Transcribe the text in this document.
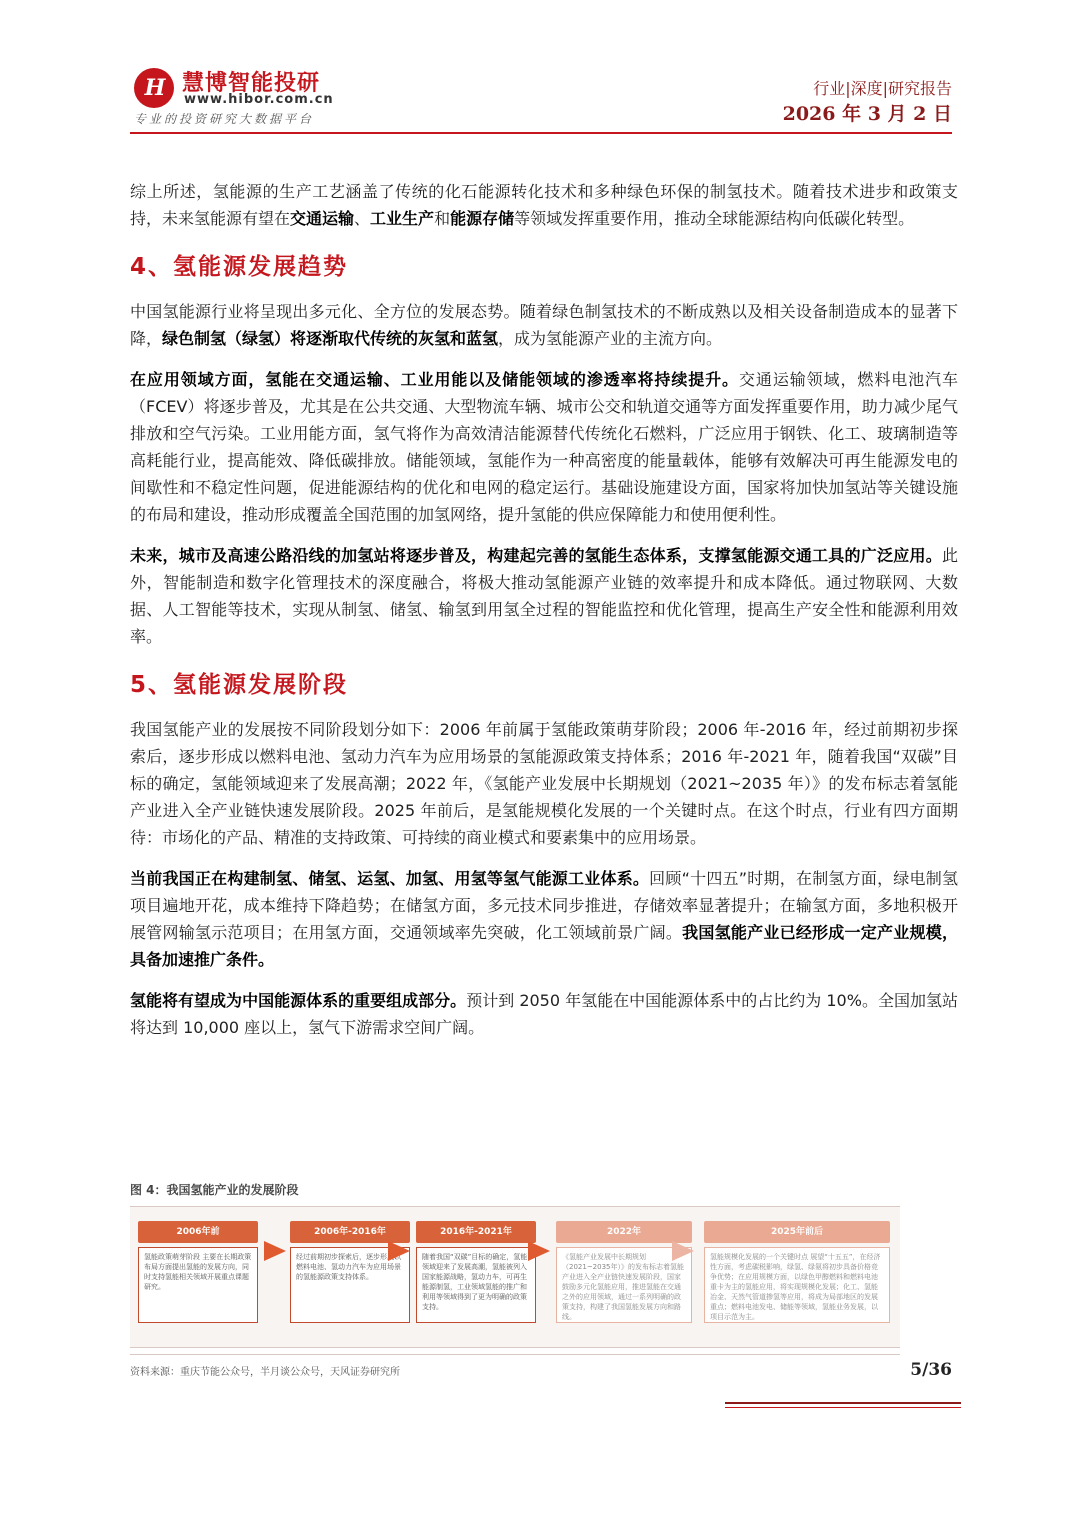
H 慧博智能投研
www.hibor.com.cn
专业的投资研究大数据平台
行业|深度|研究报告
2026 年 3 月 2 日

综上所述，氢能源的生产工艺涵盖了传统的化石能源转化技术和多种绿色环保的制氢技术。随着技术进步和政策支持，未来氢能源有望在交通运输、工业生产和能源存储等领域发挥重要作用，推动全球能源结构向低碳化转型。

4、氢能源发展趋势

中国氢能源行业将呈现出多元化、全方位的发展态势。随着绿色制氢技术的不断成熟以及相关设备制造成本的显著下降，绿色制氢（绿氢）将逐渐取代传统的灰氢和蓝氢，成为氢能源产业的主流方向。

在应用领域方面，氢能在交通运输、工业用能以及储能领域的渗透率将持续提升。交通运输领域，燃料电池汽车（FCEV）将逐步普及，尤其是在公共交通、大型物流车辆、城市公交和轨道交通等方面发挥重要作用，助力减少尾气排放和空气污染。工业用能方面，氢气将作为高效清洁能源替代传统化石燃料，广泛应用于钢铁、化工、玻璃制造等高耗能行业，提高能效、降低碳排放。储能领域，氢能作为一种高密度的能量载体，能够有效解决可再生能源发电的间歇性和不稳定性问题，促进能源结构的优化和电网的稳定运行。基础设施建设方面，国家将加快加氢站等关键设施的布局和建设，推动形成覆盖全国范围的加氢网络，提升氢能的供应保障能力和使用便利性。

未来，城市及高速公路沿线的加氢站将逐步普及，构建起完善的氢能生态体系，支撑氢能源交通工具的广泛应用。此外，智能制造和数字化管理技术的深度融合，将极大推动氢能源产业链的效率提升和成本降低。通过物联网、大数据、人工智能等技术，实现从制氢、储氢、输氢到用氢全过程的智能监控和优化管理，提高生产安全性和能源利用效率。

5、氢能源发展阶段

我国氢能产业的发展按不同阶段划分如下：2006 年前属于氢能政策萌芽阶段；2006 年-2016 年，经过前期初步探索后，逐步形成以燃料电池、氢动力汽车为应用场景的氢能源政策支持体系；2016 年-2021 年，随着我国“双碳”目标的确定，氢能领域迎来了发展高潮；2022 年，《氢能产业发展中长期规划（2021~2035 年）》的发布标志着氢能产业进入全产业链快速发展阶段。2025 年前后，是氢能规模化发展的一个关键时点。在这个时点，行业有四方面期待：市场化的产品、精准的支持政策、可持续的商业模式和要素集中的应用场景。

当前我国正在构建制氢、储氢、运氢、加氢、用氢等氢气能源工业体系。回顾“十四五”时期，在制氢方面，绿电制氢项目遍地开花，成本维持下降趋势；在储氢方面，多元技术同步推进，存储效率显著提升；在输氢方面，多地积极开展管网输氢示范项目；在用氢方面，交通领域率先突破，化工领域前景广阔。我国氢能产业已经形成一定产业规模，具备加速推广条件。

氢能将有望成为中国能源体系的重要组成部分。预计到 2050 年氢能在中国能源体系中的占比约为 10%。全国加氢站将达到 10,000 座以上，氢气下游需求空间广阔。

图 4：我国氢能产业的发展阶段
2006年前
氢能政策萌芽阶段 主要在长期政策布局方面提出氢能的发展方向，同时支持氢能相关领域开展重点课题研究。
2006年-2016年
经过前期初步探索后，逐步形成以燃料电池、氢动力汽车为应用场景的氢能源政策支持体系。
2016年-2021年
随着我国“双碳”目标的确定，氢能领域迎来了发展高潮，氢能被列入国家能源战略，氢动力车，可再生能源制氢，工业领域氢能的推广和利用等领域得到了更为明确的政策支持。
2022年
《氢能产业发展中长期规划（2021~2035年）》的发布标志着氢能产业进入全产业链快速发展阶段，国家鼓励多元化氢能应用，推进氢能在交通之外的应用领域，通过一系列明确的政策支持，构建了我国氢能发展方向和路线。
2025年前后
氢能规模化发展的一个关键时点 展望“十五五”，在经济性方面，考虑碳税影响，绿氢、绿氨将初步具备价格竞争优势；在应用规模方面，以绿色甲醇燃料和燃料电池重卡为主的氢能应用，将实现规模化发展；化工、氢能冶金、天然气管道掺氢等应用，将成为局部地区的发展重点；燃料电池发电、储能等领域，氢能业务发展，以项目示范为主。
资料来源：重庆节能公众号，半月谈公众号，天风证券研究所	5/36
